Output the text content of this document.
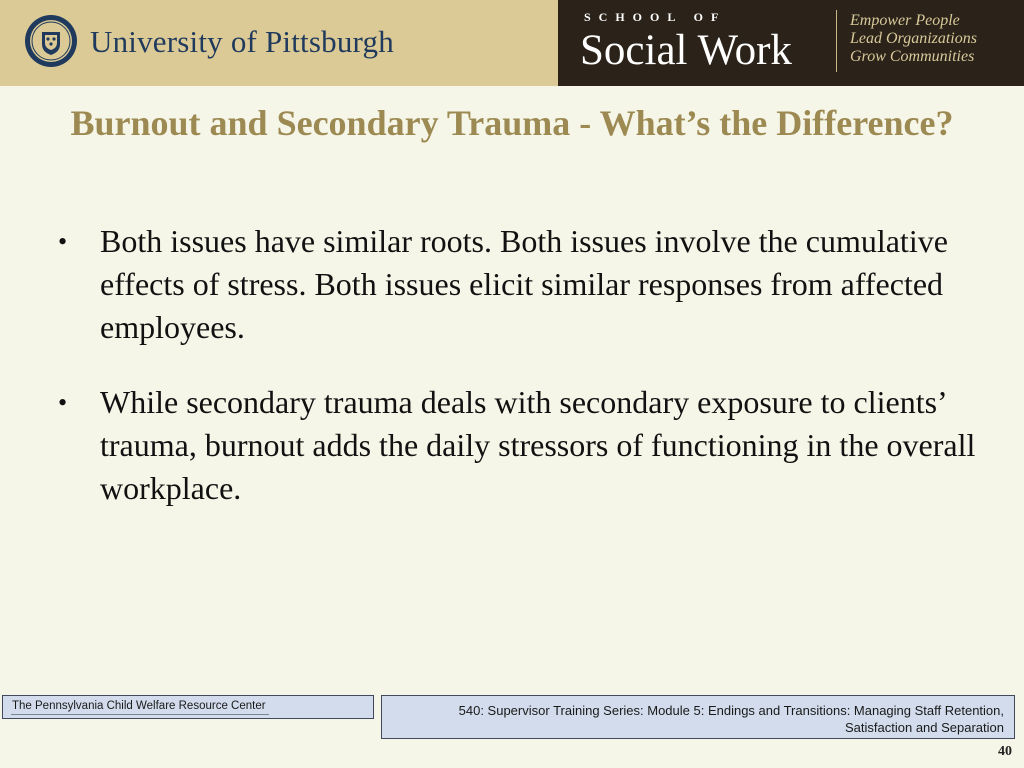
University of Pittsburgh
SCHOOL OF
Social Work
Empower People
Lead Organizations
Grow Communities
Burnout and Secondary Trauma - What’s the Difference?
• Both issues have similar roots. Both issues involve the cumulative effects of stress. Both issues elicit similar responses from affected employees.
• While secondary trauma deals with secondary exposure to clients’ trauma, burnout adds the daily stressors of functioning in the overall workplace.
The Pennsylvania Child Welfare Resource Center	540: Supervisor Training Series: Module 5: Endings and Transitions: Managing Staff Retention,
Satisfaction and Separation
40
